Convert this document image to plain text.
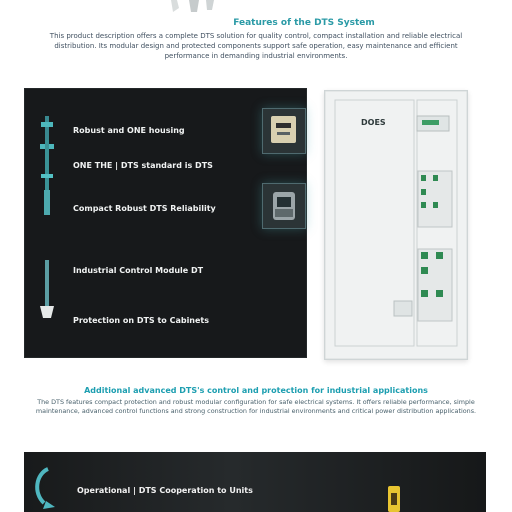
Features of the DTS System

This product description offers a complete DTS solution for quality control, compact installation and reliable electrical distribution. Its modular design and protected components support safe operation, easy maintenance and efficient performance in demanding industrial environments.

Robust and ONE housing
ONE THE | DTS standard is DTS
Compact Robust DTS Reliability
Industrial Control Module DT
Protection on DTS to Cabinets
DOES
Additional advanced DTS's control and protection for industrial applications

The DTS features compact protection and robust modular configuration for safe electrical systems. It offers reliable performance, simple maintenance, advanced control functions and strong construction for industrial environments and critical power distribution applications.

Operational | DTS Cooperation to Units
